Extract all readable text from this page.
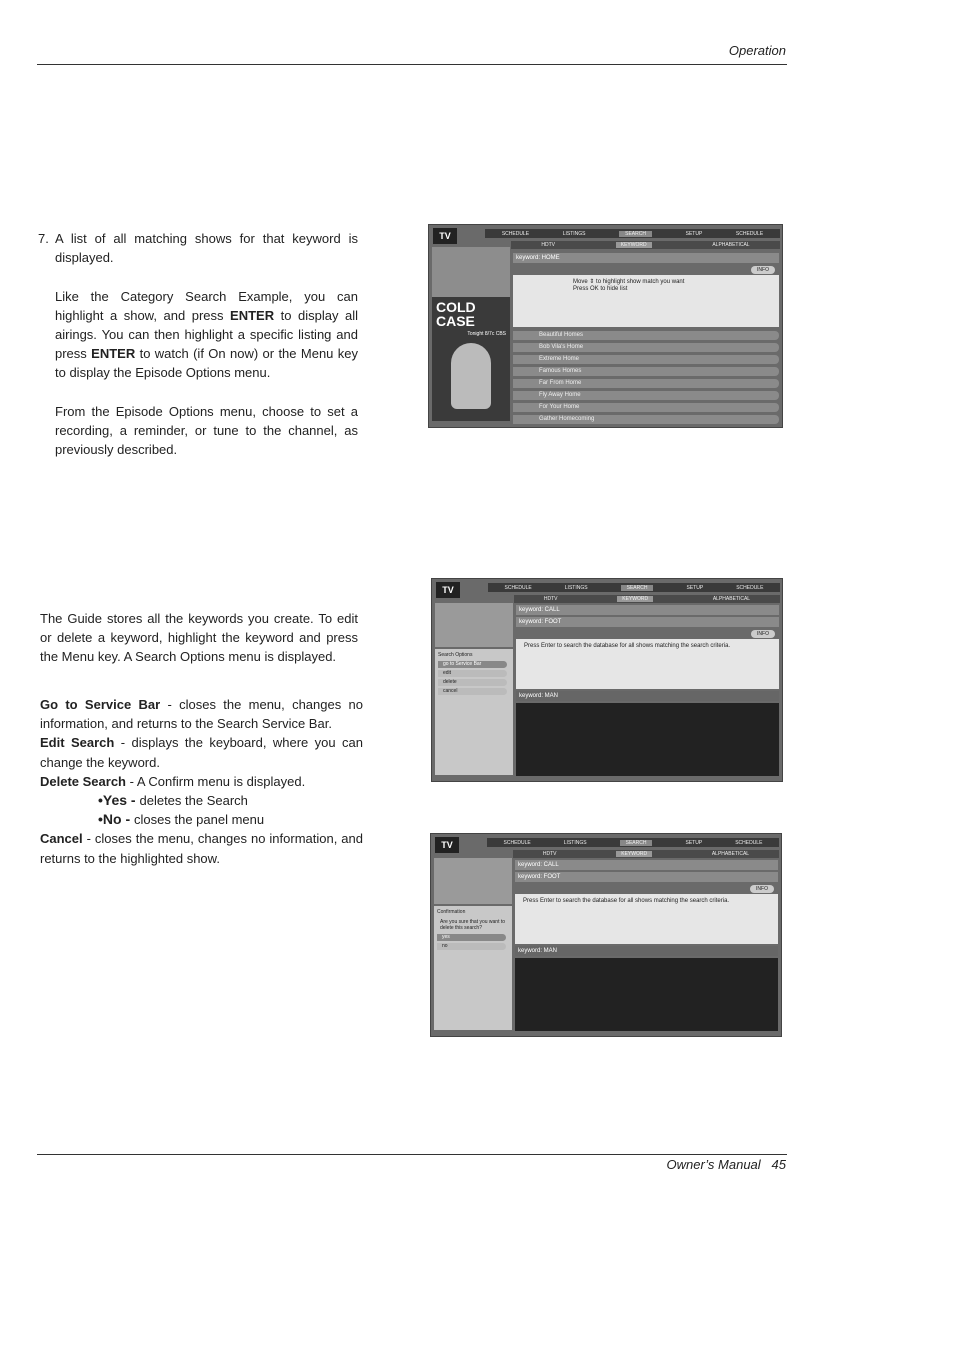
Operation
7. A list of all matching shows for that keyword is displayed.

Like the Category Search Example, you can highlight a show, and press ENTER to display all airings. You can then highlight a specific listing and press ENTER to watch (if On now) or the Menu key to display the Episode Options menu.

From the Episode Options menu, choose to set a recording, a reminder, or tune to the channel, as previously described.

The Guide stores all the keywords you create. To edit or delete a keyword, highlight the keyword and press the Menu key. A Search Options menu is displayed.

Go to Service Bar - closes the menu, changes no information, and returns to the Search Service Bar.

Edit Search - displays the keyboard, where you can change the keyword.

Delete Search - A Confirm menu is displayed.

•Yes - deletes the Search

•No - closes the panel menu

Cancel - closes the menu, changes no information, and returns to the highlighted show.

TV	SCHEDULE	LISTINGS	SEARCH	SETUP	SCHEDULE
HDTV	KEYWORD	ALPHABETICAL
COLD CASE
Tonight 8/7c CBS
keyword: HOME
INFO
Move ⇕ to highlight show match you want
Press OK to hide list
Beautiful Homes
Bob Vila's Home
Extreme Home
Famous Homes
Far From Home
Fly Away Home
For Your Home
Gather Homecoming
TV	SCHEDULE	LISTINGS	SEARCH	SETUP	SCHEDULE
HDTV	KEYWORD	ALPHABETICAL
Search Options
go to Service Bar
edit
delete
cancel
keyword: CALL
keyword: FOOT
INFO
Press Enter to search the database for all shows matching the search criteria.
keyword: MAN
TV	SCHEDULE	LISTINGS	SEARCH	SETUP	SCHEDULE
HDTV	KEYWORD	ALPHABETICAL
Confirmation
Are you sure that you want to delete this search?
yes
no
keyword: CALL
keyword: FOOT
INFO
Press Enter to search the database for all shows matching the search criteria.
keyword: MAN
Owner’s Manual 45
